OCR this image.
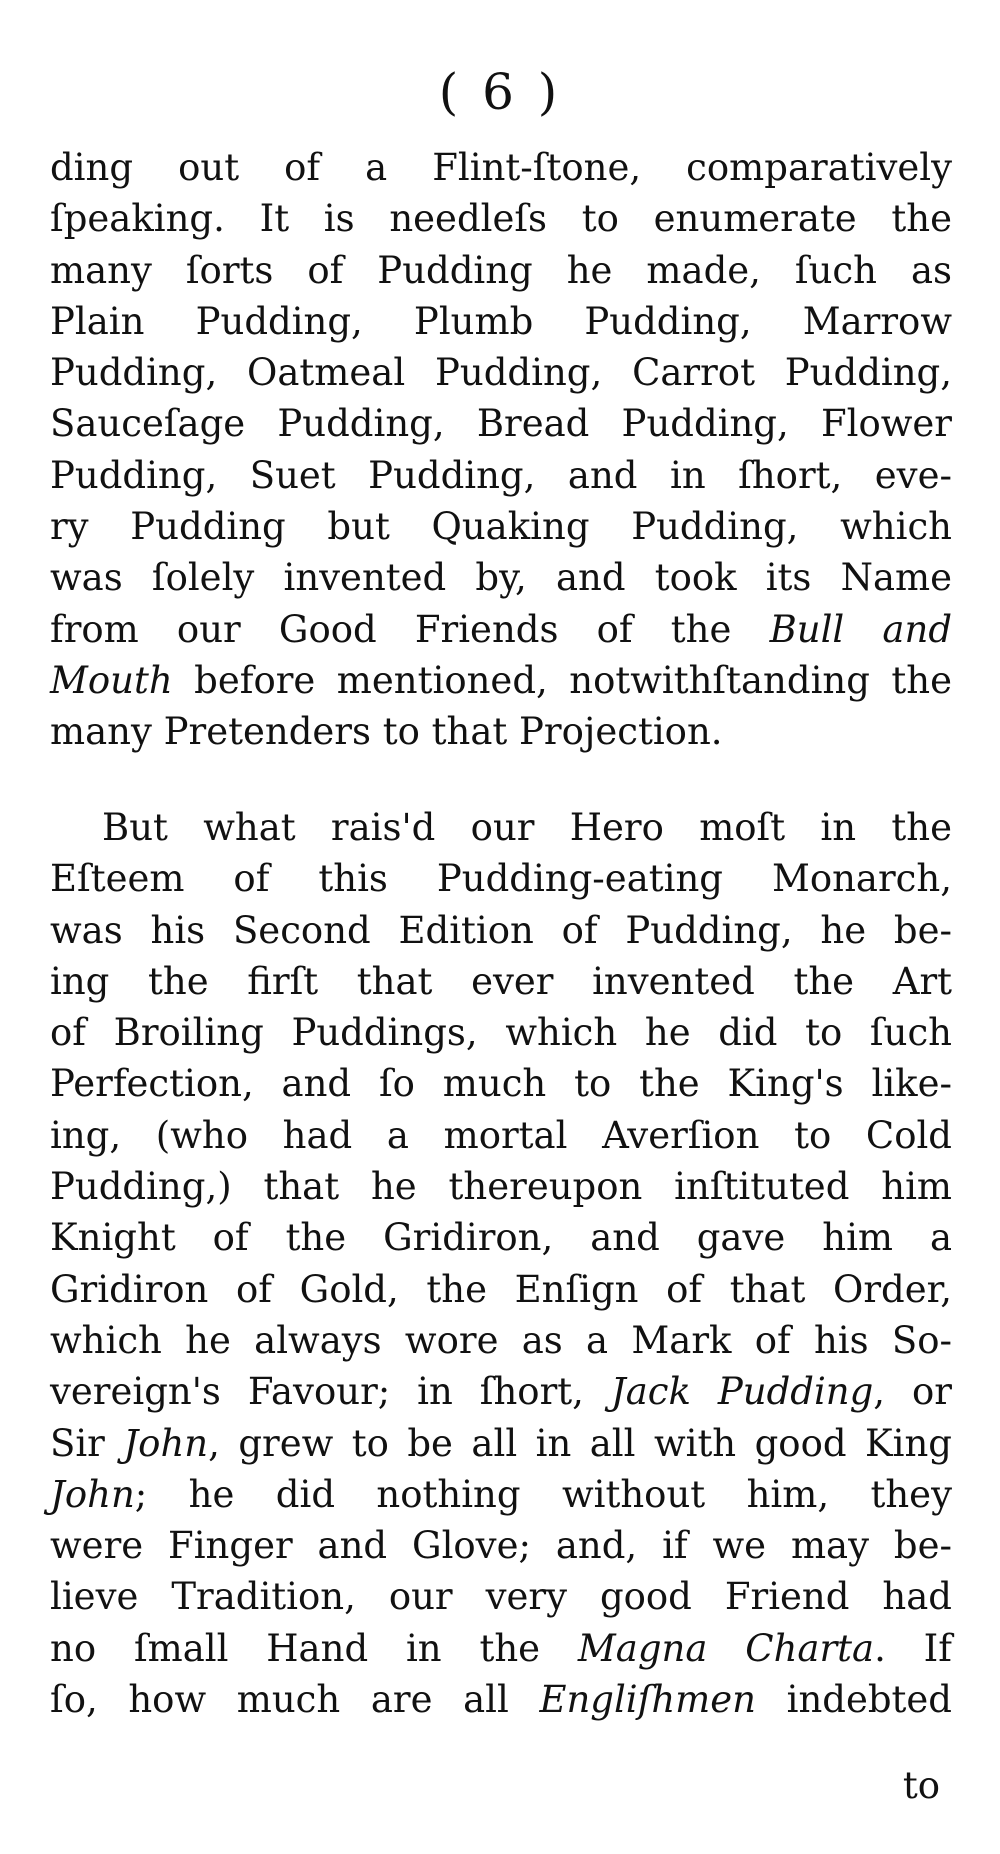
( 6 )
ding out of a Flint-ſtone, comparatively
ſpeaking. It is needleſs to enumerate the
many ſorts of Pudding he made, ſuch as
Plain Pudding, Plumb Pudding, Marrow
Pudding, Oatmeal Pudding, Carrot Pudding,
Sauceſage Pudding, Bread Pudding, Flower
Pudding, Suet Pudding, and in ſhort, eve-
ry Pudding but Quaking Pudding, which
was ſolely invented by, and took its Name
from our Good Friends of the Bull and
Mouth before mentioned, notwithſtanding the
many Pretenders to that Projection.
But what rais'd our Hero moſt in the
Eſteem of this Pudding-eating Monarch,
was his Second Edition of Pudding, he be-
ing the firſt that ever invented the Art
of Broiling Puddings, which he did to ſuch
Perfection, and ſo much to the King's like-
ing, (who had a mortal Averſion to Cold
Pudding,) that he thereupon inſtituted him
Knight of the Gridiron, and gave him a
Gridiron of Gold, the Enſign of that Order,
which he always wore as a Mark of his So-
vereign's Favour; in ſhort, Jack Pudding, or
Sir John, grew to be all in all with good King
John; he did nothing without him, they
were Finger and Glove; and, if we may be-
lieve Tradition, our very good Friend had
no ſmall Hand in the Magna Charta. If
ſo, how much are all Engliſhmen indebted
to
